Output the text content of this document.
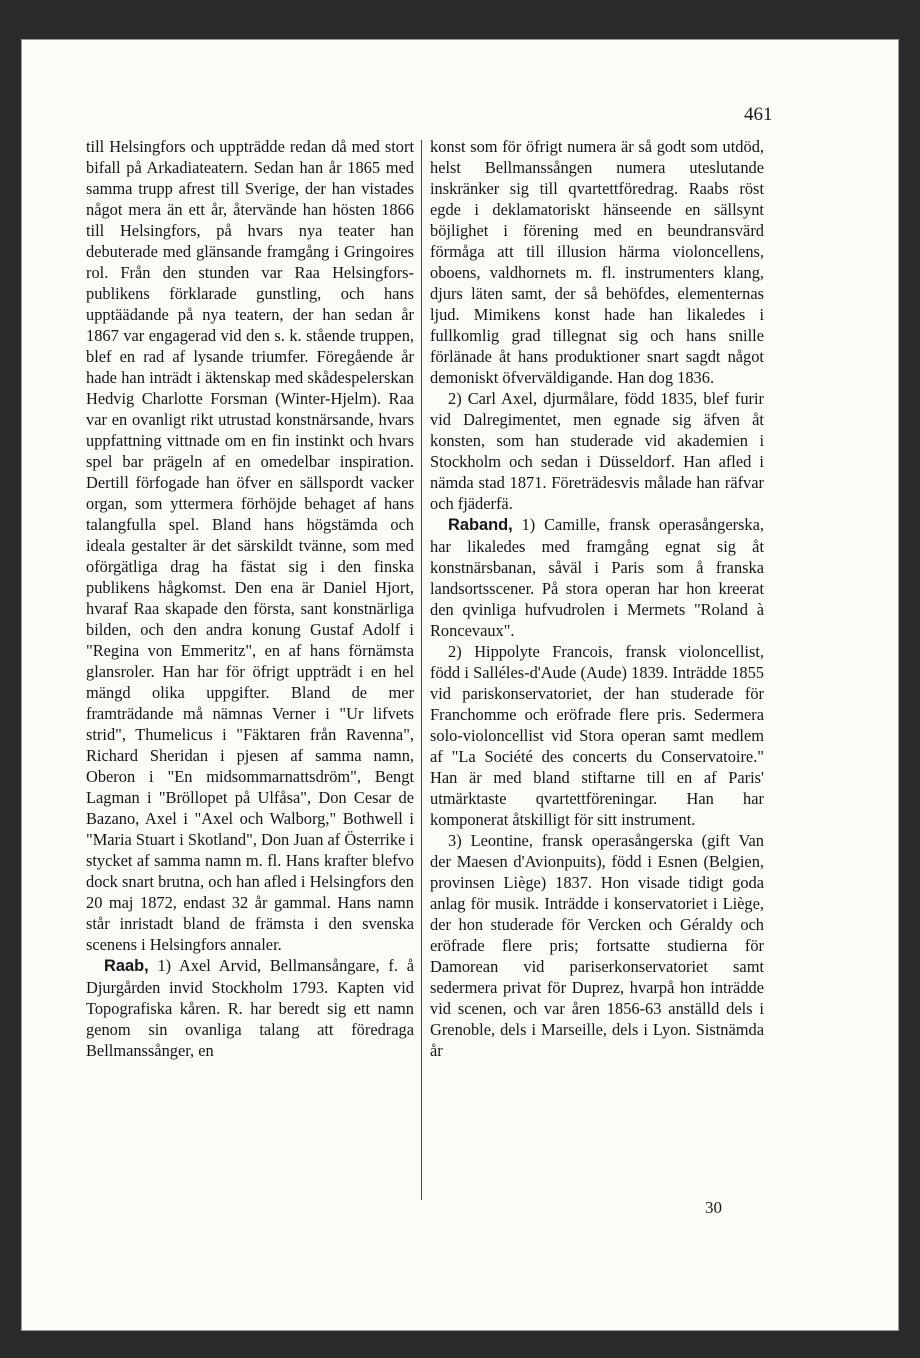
461

till Helsingfors och uppträdde redan då med stort bifall på Arkadiateatern. Sedan han år 1865 med samma trupp afrest till Sverige, der han vistades något mera än ett år, återvände han hösten 1866 till Helsingfors, på hvars nya teater han debuterade med glänsande framgång i Gringoires rol. Från den stunden var Raa Helsingfors-publikens förklarade gunstling, och hans upptäädande på nya teatern, der han sedan år 1867 var engagerad vid den s. k. stående truppen, blef en rad af lysande triumfer. Föregående år hade han inträdt i äktenskap med skådespelerskan Hedvig Charlotte Forsman (Winter-Hjelm). Raa var en ovanligt rikt utrustad konstnärsande, hvars uppfattning vittnade om en fin instinkt och hvars spel bar prägeln af en omedelbar inspiration. Dertill förfogade han öfver en sällspordt vacker organ, som yttermera förhöjde behaget af hans talangfulla spel. Bland hans högstämda och ideala gestalter är det särskildt tvänne, som med oförgätliga drag ha fästat sig i den finska publikens hågkomst. Den ena är Daniel Hjort, hvaraf Raa skapade den första, sant konstnärliga bilden, och den andra konung Gustaf Adolf i "Regina von Emmeritz", en af hans förnämsta glansroler. Han har för öfrigt uppträdt i en hel mängd olika uppgifter. Bland de mer framträdande må nämnas Verner i "Ur lifvets strid", Thumelicus i "Fäktaren från Ravenna", Richard Sheridan i pjesen af samma namn, Oberon i "En midsommarnattsdröm", Bengt Lagman i "Bröllopet på Ulfåsa", Don Cesar de Bazano, Axel i "Axel och Walborg," Bothwell i "Maria Stuart i Skotland", Don Juan af Österrike i stycket af samma namn m. fl. Hans krafter blefvo dock snart brutna, och han afled i Helsingfors den 20 maj 1872, endast 32 år gammal. Hans namn står inristadt bland de främsta i den svenska scenens i Helsingfors annaler.

Raab, 1) Axel Arvid, Bellmansångare, f. å Djurgården invid Stockholm 1793. Kapten vid Topografiska kåren. R. har beredt sig ett namn genom sin ovanliga talang att föredraga Bellmanssånger, en

konst som för öfrigt numera är så godt som utdöd, helst Bellmanssången numera uteslutande inskränker sig till qvartettföredrag. Raabs röst egde i deklamatoriskt hänseende en sällsynt böjlighet i förening med en beundransvärd förmåga att till illusion härma violoncellens, oboens, valdhornets m. fl. instrumenters klang, djurs läten samt, der så behöfdes, elementernas ljud. Mimikens konst hade han likaledes i fullkomlig grad tillegnat sig och hans snille förlänade åt hans produktioner snart sagdt något demoniskt öfverväldigande. Han dog 1836.

2) Carl Axel, djurmålare, född 1835, blef furir vid Dalregimentet, men egnade sig äfven åt konsten, som han studerade vid akademien i Stockholm och sedan i Düsseldorf. Han afled i nämda stad 1871. Företrädesvis målade han räfvar och fjäderfä.

Raband, 1) Camille, fransk operasångerska, har likaledes med framgång egnat sig åt konstnärsbanan, såväl i Paris som å franska landsortsscener. På stora operan har hon kreerat den qvinliga hufvudrolen i Mermets "Roland à Roncevaux".

2) Hippolyte Francois, fransk violoncellist, född i Salléles-d'Aude (Aude) 1839. Inträdde 1855 vid pariskonservatoriet, der han studerade för Franchomme och eröfrade flere pris. Sedermera solo-violoncellist vid Stora operan samt medlem af "La Société des concerts du Conservatoire." Han är med bland stiftarne till en af Paris' utmärktaste qvartettföreningar. Han har komponerat åtskilligt för sitt instrument.

3) Leontine, fransk operasångerska (gift Van der Maesen d'Avionpuits), född i Esnen (Belgien, provinsen Liège) 1837. Hon visade tidigt goda anlag för musik. Inträdde i konservatoriet i Liège, der hon studerade för Vercken och Géraldy och eröfrade flere pris; fortsatte studierna för Damorean vid pariserkonservatoriet samt sedermera privat för Duprez, hvarpå hon inträdde vid scenen, och var åren 1856-63 anställd dels i Grenoble, dels i Marseille, dels i Lyon. Sistnämda år

30
